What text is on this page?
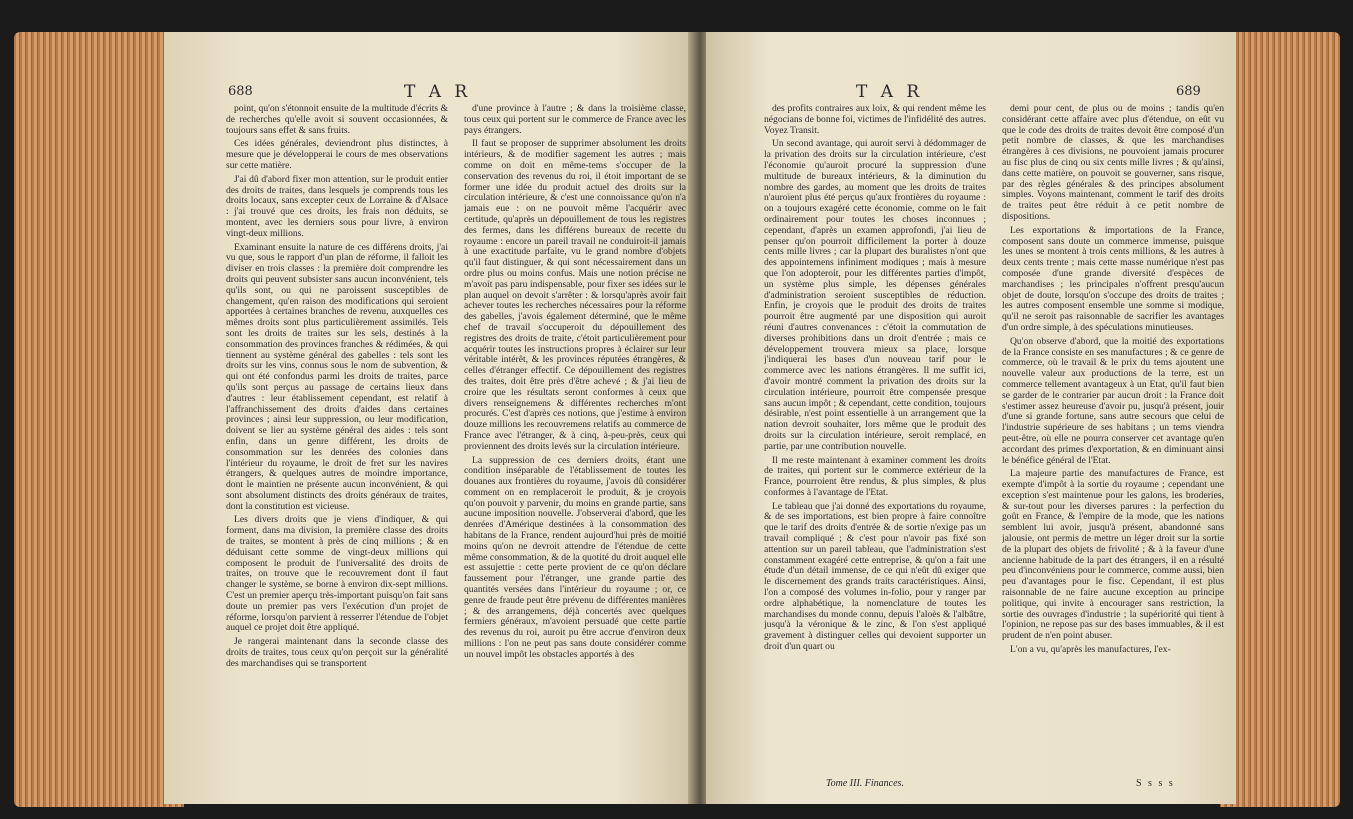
688	T A R

point, qu'on s'étonnoit ensuite de la multitude d'écrits & de recherches qu'elle avoit si souvent occasionnées, & toujours sans effet & sans fruits.

Ces idées générales, deviendront plus distinctes, à mesure que je développerai le cours de mes observations sur cette matière.

J'ai dû d'abord fixer mon attention, sur le produit entier des droits de traites, dans lesquels je comprends tous les droits locaux, sans excepter ceux de Lorraine & d'Alsace : j'ai trouvé que ces droits, les frais non déduits, se montent, avec les derniers sous pour livre, à environ vingt-deux millions.

Examinant ensuite la nature de ces différens droits, j'ai vu que, sous le rapport d'un plan de réforme, il falloit les diviser en trois classes : la première doit comprendre les droits qui peuvent subsister sans aucun inconvénient, tels qu'ils sont, ou qui ne paroissent susceptibles de changement, qu'en raison des modifications qui seroient apportées à certaines branches de revenu, auxquelles ces mêmes droits sont plus particulièrement assimilés. Tels sont les droits de traites sur les sels, destinés à la consommation des provinces franches & rédimées, & qui tiennent au système général des gabelles : tels sont les droits sur les vins, connus sous le nom de subvention, & qui ont été confondus parmi les droits de traites, parce qu'ils sont perçus au passage de certains lieux dans d'autres : leur établissement cependant, est relatif à l'affranchissement des droits d'aides dans certaines provinces ; ainsi leur suppression, ou leur modification, doivent se lier au système général des aides : tels sont enfin, dans un genre différent, les droits de consommation sur les denrées des colonies dans l'intérieur du royaume, le droit de fret sur les navires étrangers, & quelques autres de moindre importance, dont le maintien ne présente aucun inconvénient, & qui sont absolument distincts des droits généraux de traites, dont la constitution est vicieuse.

Les divers droits que je viens d'indiquer, & qui forment, dans ma division, la première classe des droits de traites, se montent à près de cinq millions ; & en déduisant cette somme de vingt-deux millions qui composent le produit de l'universalité des droits de traites, on trouve que le recouvrement dont il faut changer le système, se borne à environ dix-sept millions. C'est un premier aperçu très-important puisqu'on fait sans doute un premier pas vers l'exécution d'un projet de réforme, lorsqu'on parvient à resserrer l'étendue de l'objet auquel ce projet doit être appliqué.

Je rangerai maintenant dans la seconde classe des droits de traites, tous ceux qu'on perçoit sur la généralité des marchandises qui se transportent

d'une province à l'autre ; & dans la troisième classe, tous ceux qui portent sur le commerce de France avec les pays étrangers.

Il faut se proposer de supprimer absolument les droits intérieurs, & de modifier sagement les autres ; mais comme on doit en même-tems s'occuper de la conservation des revenus du roi, il étoit important de se former une idée du produit actuel des droits sur la circulation intérieure, & c'est une connoissance qu'on n'a jamais eue : on ne pouvoit même l'acquérir avec certitude, qu'après un dépouillement de tous les registres des fermes, dans les différens bureaux de recette du royaume : encore un pareil travail ne conduiroit-il jamais à une exactitude parfaite, vu le grand nombre d'objets qu'il faut distinguer, & qui sont nécessairement dans un ordre plus ou moins confus. Mais une notion précise ne m'avoit pas paru indispensable, pour fixer ses idées sur le plan auquel on devoit s'arrêter : & lorsqu'après avoir fait achever toutes les recherches nécessaires pour la réforme des gabelles, j'avois également déterminé, que le même chef de travail s'occuperoit du dépouillement des registres des droits de traite, c'étoit particulièrement pour acquérir toutes les instructions propres à éclairer sur leur véritable intérêt, & les provinces réputées étrangères, & celles d'étranger effectif. Ce dépouillement des registres des traites, doit être près d'être achevé ; & j'ai lieu de croire que les résultats seront conformes à ceux que divers renseignemens & différentes recherches m'ont procurés. C'est d'après ces notions, que j'estime à environ douze millions les recouvremens relatifs au commerce de France avec l'étranger, & à cinq, à-peu-près, ceux qui proviennent des droits levés sur la circulation intérieure.

La suppression de ces derniers droits, étant une condition inséparable de l'établissement de toutes les douanes aux frontières du royaume, j'avois dû considérer comment on en remplaceroit le produit, & je croyois qu'on pouvoit y parvenir, du moins en grande partie, sans aucune imposition nouvelle. J'observerai d'abord, que les denrées d'Amérique destinées à la consommation des habitans de la France, rendent aujourd'hui près de moitié moins qu'on ne devroit attendre de l'étendue de cette même consommation, & de la quotité du droit auquel elle est assujettie : cette perte provient de ce qu'on déclare faussement pour l'étranger, une grande partie des quantités versées dans l'intérieur du royaume ; or, ce genre de fraude peut être prévenu de différentes manières ; & des arrangemens, déjà concertés avec quelques fermiers généraux, m'avoient persuadé que cette partie des revenus du roi, auroit pu être accrue d'environ deux millions : l'on ne peut pas sans doute considérer comme un nouvel impôt les obstacles apportés à des

T A R	689

des profits contraires aux loix, & qui rendent même les négocians de bonne foi, victimes de l'infidélité des autres. Voyez Transit.

Un second avantage, qui auroit servi à dédommager de la privation des droits sur la circulation intérieure, c'est l'économie qu'auroit procuré la suppression d'une multitude de bureaux intérieurs, & la diminution du nombre des gardes, au moment que les droits de traites n'auroient plus été perçus qu'aux frontières du royaume : on a toujours exagéré cette économie, comme on le fait ordinairement pour toutes les choses inconnues ; cependant, d'après un examen approfondi, j'ai lieu de penser qu'on pourroit difficilement la porter à douze cents mille livres ; car la plupart des buralistes n'ont que des appointemens infiniment modiques ; mais à mesure que l'on adopteroit, pour les différentes parties d'impôt, un système plus simple, les dépenses générales d'administration seroient susceptibles de réduction. Enfin, je croyois que le produit des droits de traites pourroit être augmenté par une disposition qui auroit réuni d'autres convenances : c'étoit la commutation de diverses prohibitions dans un droit d'entrée ; mais ce développement trouvera mieux sa place, lorsque j'indiquerai les bases d'un nouveau tarif pour le commerce avec les nations étrangères. Il me suffit ici, d'avoir montré comment la privation des droits sur la circulation intérieure, pourroit être compensée presque sans aucun impôt ; & cependant, cette condition, toujours désirable, n'est point essentielle à un arrangement que la nation devroit souhaiter, lors même que le produit des droits sur la circulation intérieure, seroit remplacé, en partie, par une contribution nouvelle.

Il me reste maintenant à examiner comment les droits de traites, qui portent sur le commerce extérieur de la France, pourroient être rendus, & plus simples, & plus conformes à l'avantage de l'Etat.

Le tableau que j'ai donné des exportations du royaume, & de ses importations, est bien propre à faire connoître que le tarif des droits d'entrée & de sortie n'exige pas un travail compliqué ; & c'est pour n'avoir pas fixé son attention sur un pareil tableau, que l'administration s'est constamment exagéré cette entreprise, & qu'on a fait une étude d'un détail immense, de ce qui n'eût dû exiger que le discernement des grands traits caractéristiques. Ainsi, l'on a composé des volumes in-folio, pour y ranger par ordre alphabétique, la nomenclature de toutes les marchandises du monde connu, depuis l'aloès & l'albâtre, jusqu'à la véronique & le zinc, & l'on s'est appliqué gravement à distinguer celles qui devoient supporter un droit d'un quart ou

demi pour cent, de plus ou de moins ; tandis qu'en considérant cette affaire avec plus d'étendue, on eût vu que le code des droits de traites devoit être composé d'un petit nombre de classes, & que les marchandises étrangères à ces divisions, ne pouvoient jamais procurer au fisc plus de cinq ou six cents mille livres ; & qu'ainsi, dans cette matière, on pouvoit se gouverner, sans risque, par des règles générales & des principes absolument simples. Voyons maintenant, comment le tarif des droits de traites peut être réduit à ce petit nombre de dispositions.

Les exportations & importations de la France, composent sans doute un commerce immense, puisque les unes se montent à trois cents millions, & les autres à deux cents trente ; mais cette masse numérique n'est pas composée d'une grande diversité d'espèces de marchandises ; les principales n'offrent presqu'aucun objet de doute, lorsqu'on s'occupe des droits de traites ; les autres composent ensemble une somme si modique, qu'il ne seroit pas raisonnable de sacrifier les avantages d'un ordre simple, à des spéculations minutieuses.

Qu'on observe d'abord, que la moitié des exportations de la France consiste en ses manufactures ; & ce genre de commerce, où le travail & le prix du tems ajoutent une nouvelle valeur aux productions de la terre, est un commerce tellement avantageux à un Etat, qu'il faut bien se garder de le contrarier par aucun droit : la France doit s'estimer assez heureuse d'avoir pu, jusqu'à présent, jouir d'une si grande fortune, sans autre secours que celui de l'industrie supérieure de ses habitans ; un tems viendra peut-être, où elle ne pourra conserver cet avantage qu'en accordant des primes d'exportation, & en diminuant ainsi le bénéfice général de l'Etat.

La majeure partie des manufactures de France, est exempte d'impôt à la sortie du royaume ; cependant une exception s'est maintenue pour les galons, les broderies, & sur-tout pour les diverses parures : la perfection du goût en France, & l'empire de la mode, que les nations semblent lui avoir, jusqu'à présent, abandonné sans jalousie, ont permis de mettre un léger droit sur la sortie de la plupart des objets de frivolité ; & à la faveur d'une ancienne habitude de la part des étrangers, il en a résulté peu d'inconvéniens pour le commerce, comme aussi, bien peu d'avantages pour le fisc. Cependant, il est plus raisonnable de ne faire aucune exception au principe politique, qui invite à encourager sans restriction, la sortie des ouvrages d'industrie ; la supériorité qui tient à l'opinion, ne repose pas sur des bases immuables, & il est prudent de n'en point abuser.

L'on a vu, qu'après les manufactures, l'ex-

Tome III. Finances.	S s s s
